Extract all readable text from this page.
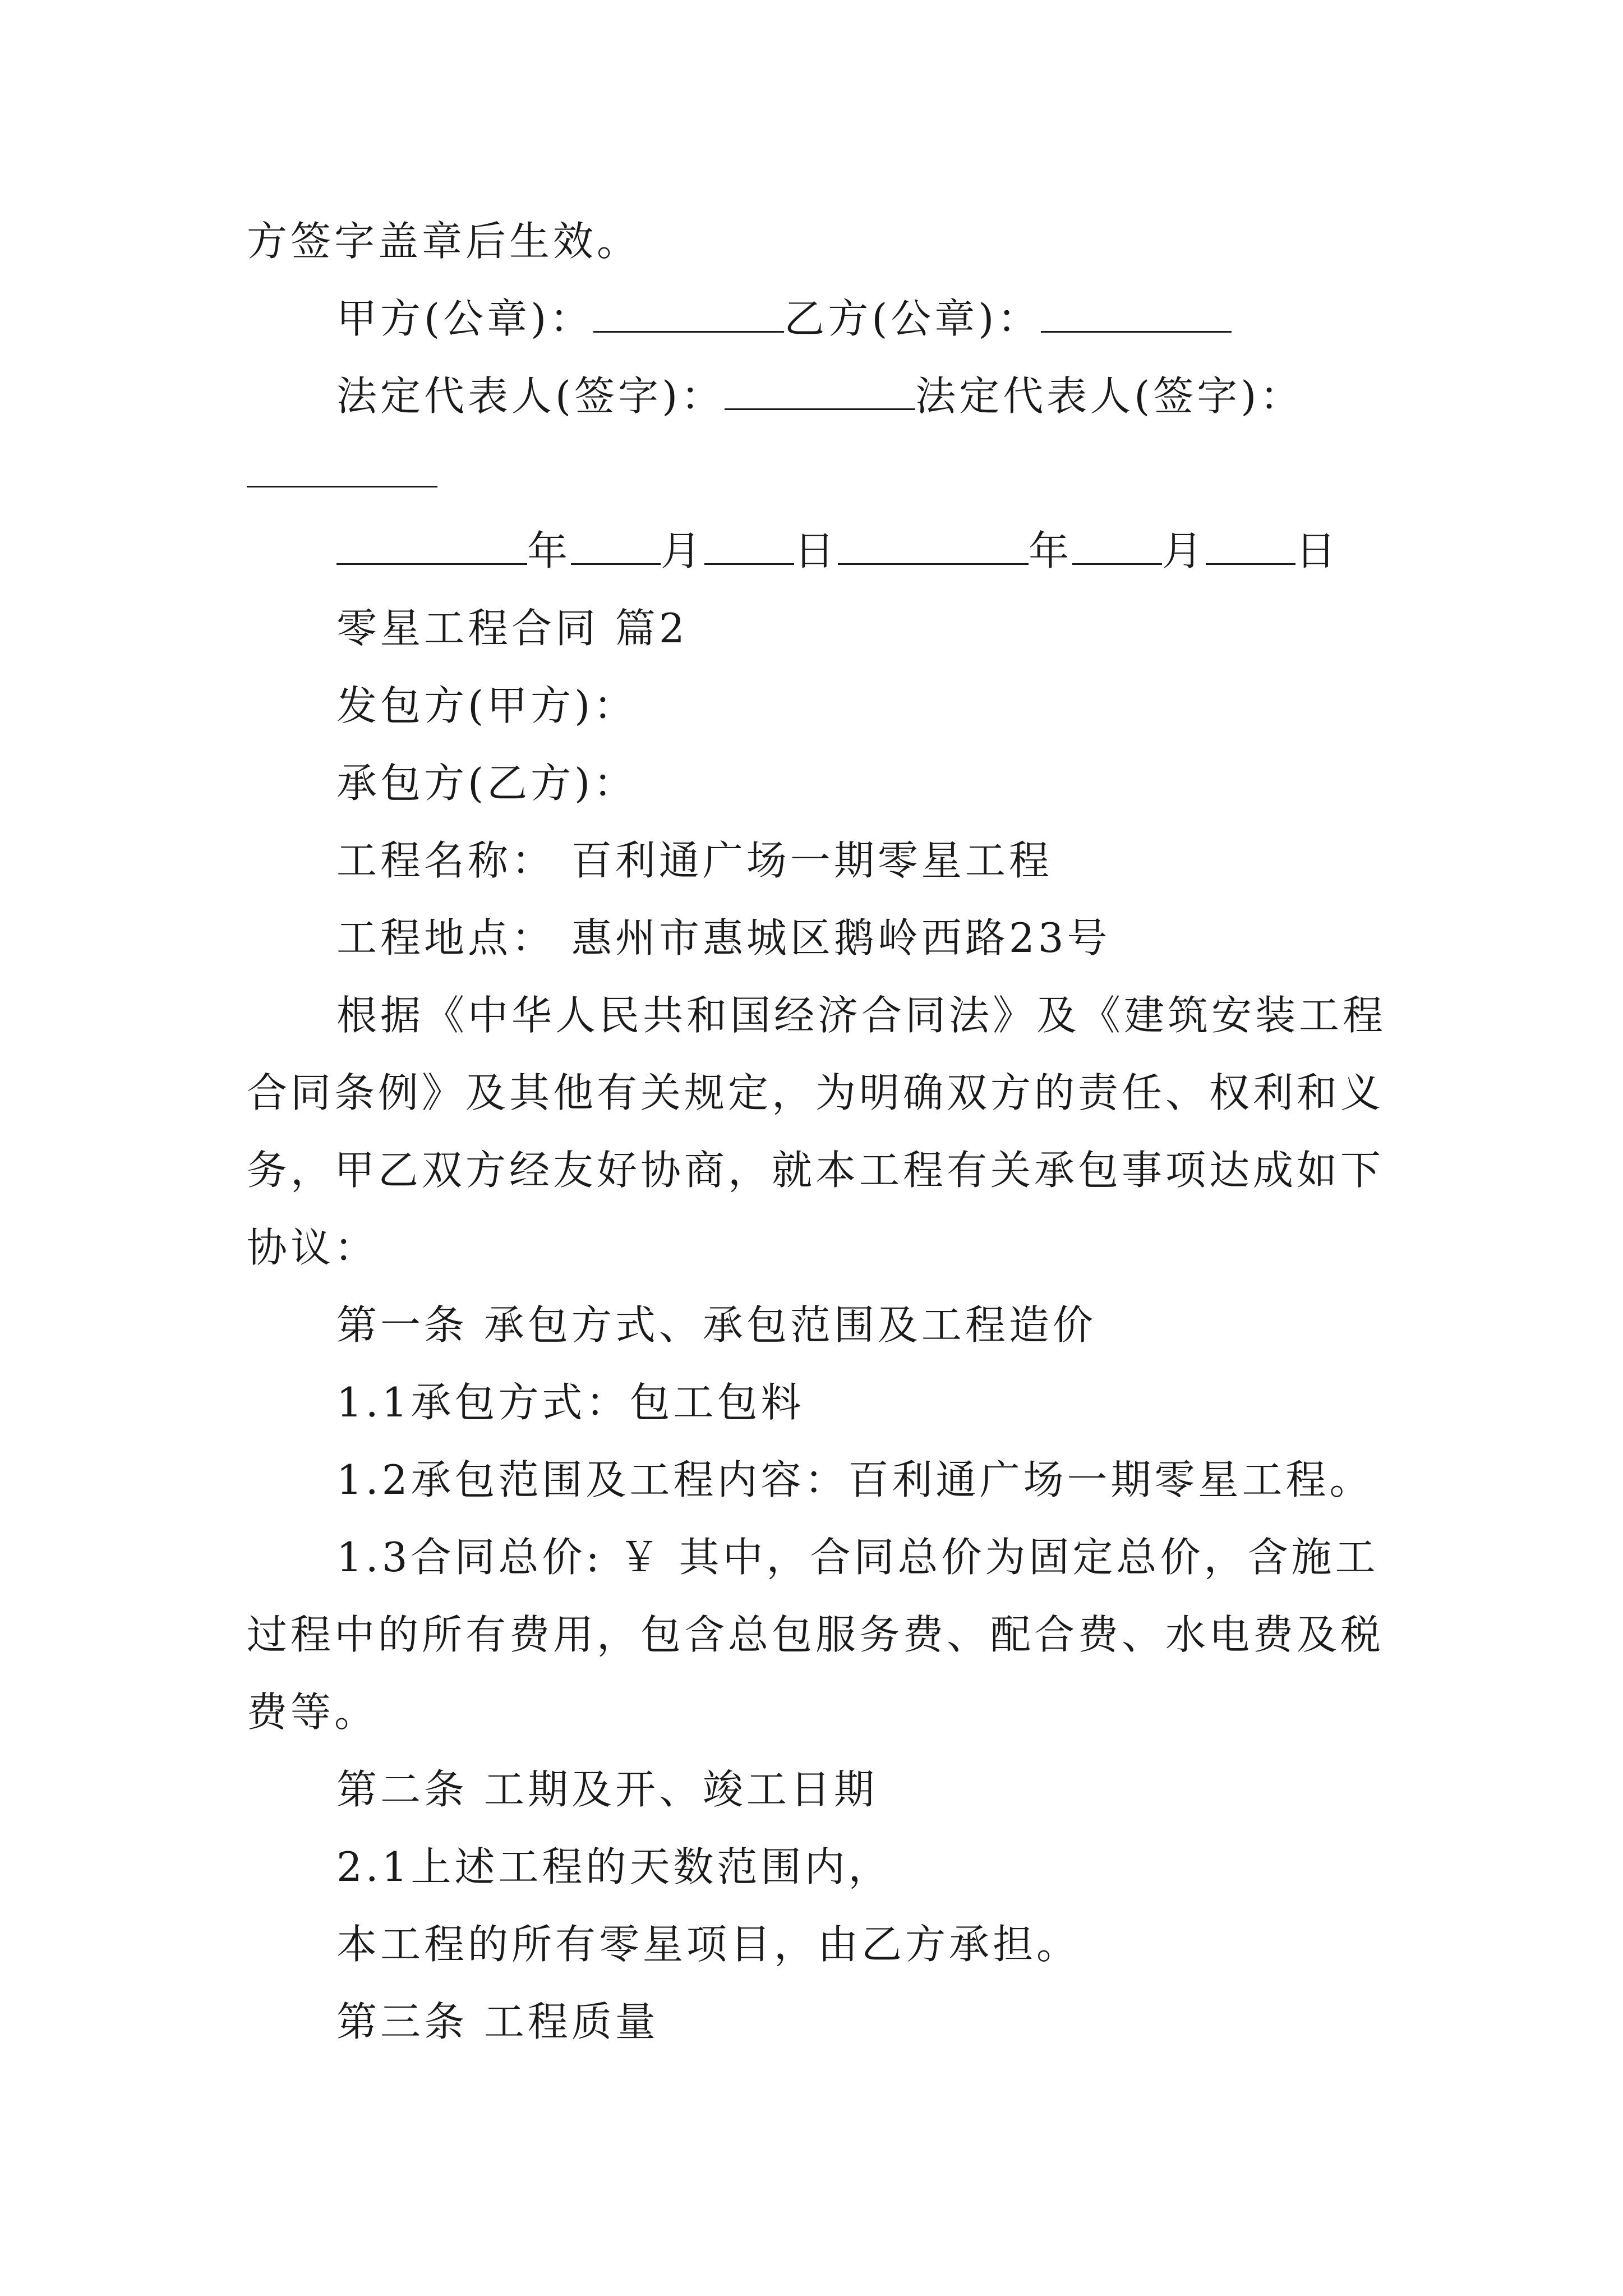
方签字盖章后生效。
甲方(公章)：	乙方(公章)：
法定代表人(签字)：	法定代表人(签字)：
年 月 日	年 月 日
零星工程合同 篇2
发包方(甲方)：
承包方(乙方)：
工程名称： 百利通广场一期零星工程
工程地点： 惠州市惠城区鹅岭西路23号
根据《中华人民共和国经济合同法》及《建筑安装工程
合同条例》及其他有关规定，为明确双方的责任、权利和义
务，甲乙双方经友好协商，就本工程有关承包事项达成如下
协议：
第一条 承包方式、承包范围及工程造价
1.1承包方式：包工包料
1.2承包范围及工程内容：百利通广场一期零星工程。
1.3合同总价: ￥ 其中，合同总价为固定总价，含施工
过程中的所有费用，包含总包服务费、配合费、水电费及税
费等。
第二条 工期及开、竣工日期
2.1上述工程的天数范围内，
本工程的所有零星项目，由乙方承担。
第三条 工程质量
